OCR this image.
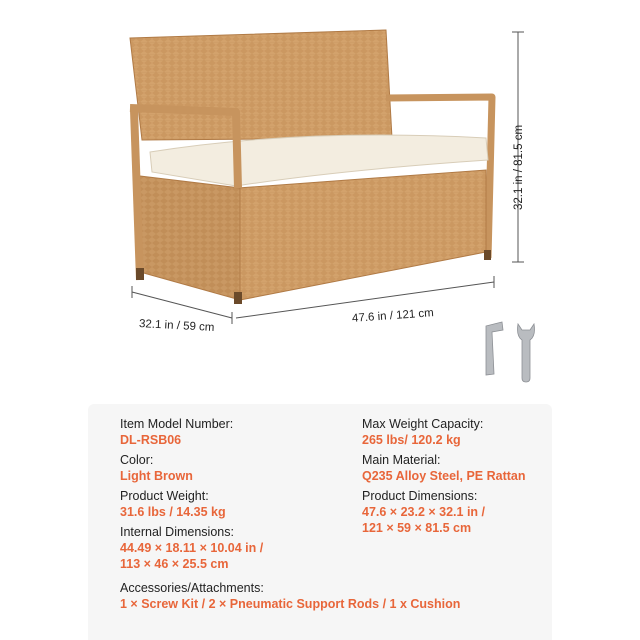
32.1 in / 59 cm
47.6 in / 121 cm
32.1 in / 81.5 cm
Item Model Number:
DL-RSB06
Color:
Light Brown
Product Weight:
31.6 lbs / 14.35 kg
Internal Dimensions:
44.49 × 18.11 × 10.04 in /
113 × 46 × 25.5 cm
Accessories/Attachments:
1 × Screw Kit / 2 × Pneumatic Support Rods / 1 x Cushion
Max Weight Capacity:
265 lbs/ 120.2 kg
Main Material:
Q235 Alloy Steel, PE Rattan
Product Dimensions:
47.6 × 23.2 × 32.1 in /
121 × 59 × 81.5 cm
